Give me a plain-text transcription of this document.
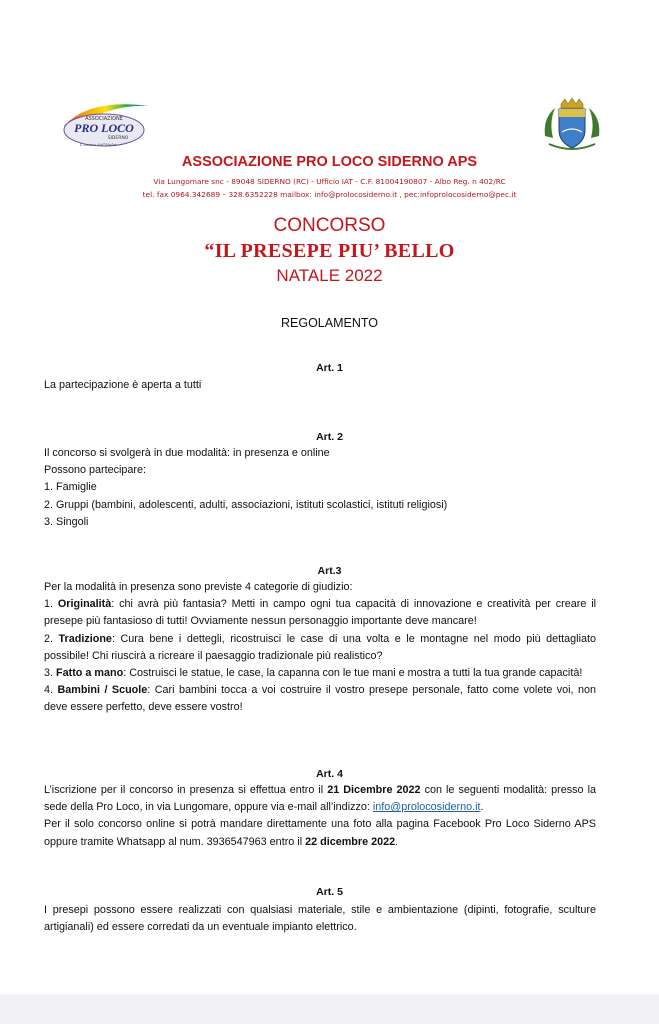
ASSOCIAZIONE
PRO LOCO
SIDERNO
L'anima dell'Italia
ASSOCIAZIONE PRO LOCO SIDERNO APS
Via Lungomare snc - 89048 SIDERNO (RC) - Ufficio IAT - C.F. 81004190807 - Albo Reg. n 402/RC
tel. fax 0964.342689 – 328.6352228 mailbox: info@prolocosiderno.it , pec:infoprolocosiderno@pec.it
CONCORSO
“IL PRESEPE PIU’ BELLO
NATALE 2022
REGOLAMENTO
Art. 1
La partecipazione è aperta a tutti
Art. 2
Il concorso si svolgerà in due modalità: in presenza e online
Possono partecipare:
1. Famiglie
2. Gruppi (bambini, adolescenti, adulti, associazioni, istituti scolastici, istituti religiosi)
3. Singoli
Art.3
Per la modalità in presenza sono previste 4 categorie di giudizio:
1. Originalità: chi avrà più fantasia? Metti in campo ogni tua capacità di innovazione e creatività per creare il presepe più fantasioso di tutti! Ovviamente nessun personaggio importante deve mancare!
2. Tradizione: Cura bene i dettegli, ricostruisci le case di una volta e le montagne nel modo più dettagliato possibile! Chi riuscirà a ricreare il paesaggio tradizionale più realistico?
3. Fatto a mano: Costruisci le statue, le case, la capanna con le tue mani e mostra a tutti la tua grande capacità!
4. Bambini / Scuole: Cari bambini tocca a voi costruire il vostro presepe personale, fatto come volete voi, non deve essere perfetto, deve essere vostro!
Art. 4
L’iscrizione per il concorso in presenza si effettua entro il 21 Dicembre 2022 con le seguenti modalità: presso la sede della Pro Loco, in via Lungomare, oppure via e-mail all’indizzo: info@prolocosiderno.it.
Per il solo concorso online si potrà mandare direttamente una foto alla pagina Facebook Pro Loco Siderno APS oppure tramite Whatsapp al num. 3936547963 entro il 22 dicembre 2022.
Art. 5
I presepi possono essere realizzati con qualsiasi materiale, stile e ambientazione (dipinti, fotografie, sculture artigianali) ed essere corredati da un eventuale impianto elettrico.
